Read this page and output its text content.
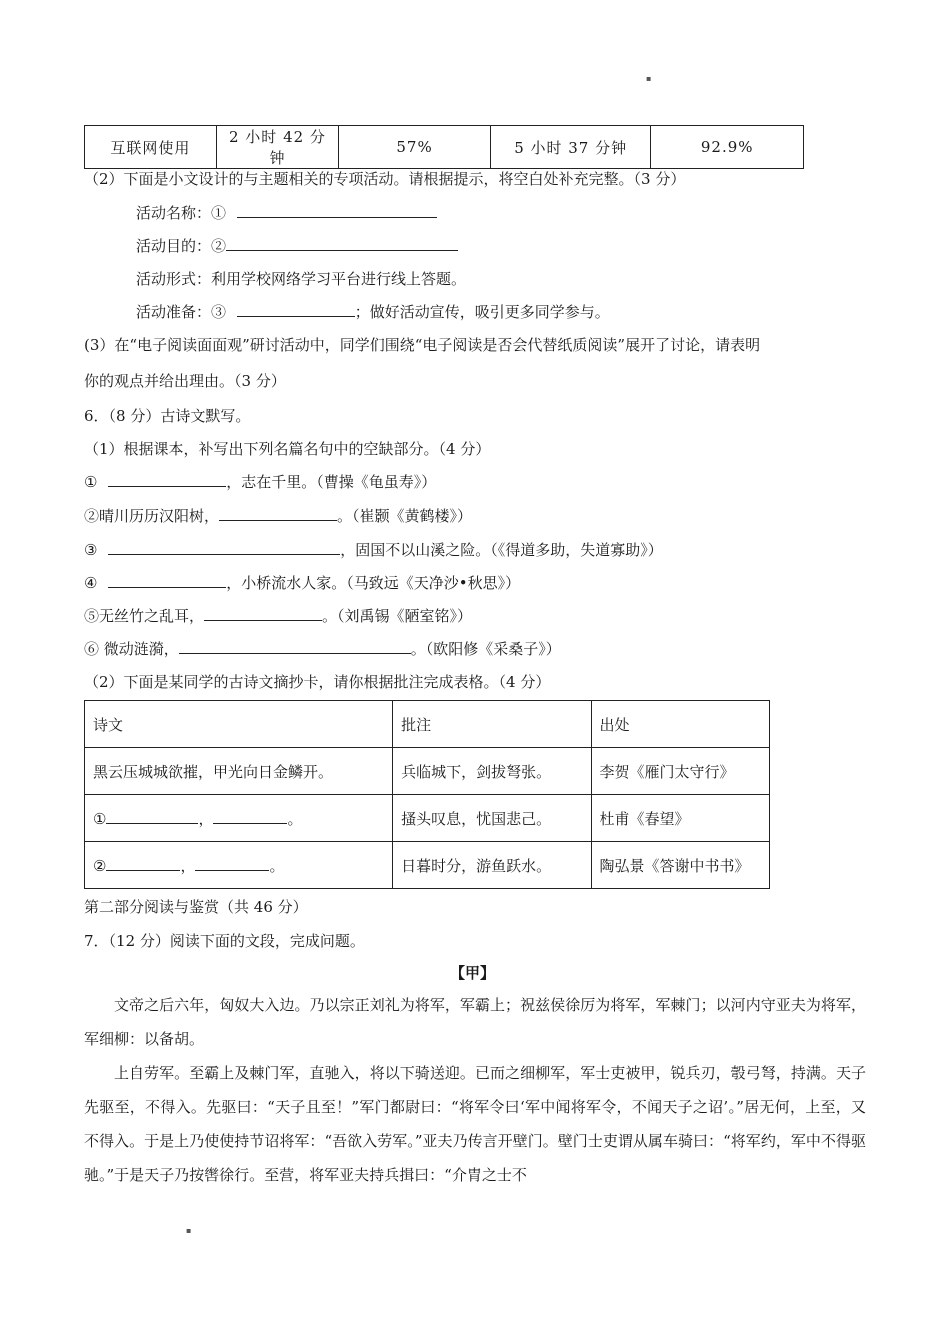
▪
互联网使用	2 小时 42 分钟	57%	5 小时 37 分钟	92.9%
（2）下面是小文设计的与主题相关的专项活动。请根据提示，将空白处补充完整。（3 分）
活动名称：①
活动目的：②
活动形式：利用学校网络学习平台进行线上答题。
活动准备：③	；做好活动宣传，吸引更多同学参与。
(3）在“电子阅读面面观”研讨活动中，同学们围绕“电子阅读是否会代替纸质阅读”展开了讨论，请表明
你的观点并给出理由。（3 分）
6．（8 分）古诗文默写。
（1）根据课本，补写出下列名篇名句中的空缺部分。（4 分）
①	，志在千里。（曹操《龟虽寿》）
②晴川历历汉阳树，	。（崔颢《黄鹤楼》）
③	，固国不以山溪之险。（《得道多助，失道寡助》）
④	，小桥流水人家。（马致远《天净沙•秋思》）
⑤无丝竹之乱耳，	。（刘禹锡《陋室铭》）
⑥ 微动涟漪，	。（欧阳修《采桑子》）
（2）下面是某同学的古诗文摘抄卡，请你根据批注完成表格。（4 分）
诗文	批注	出处
黑云压城城欲摧，甲光向日金鳞开。	兵临城下，剑拔弩张。	李贺《雁门太守行》
① ， 。	搔头叹息，忧国悲己。	杜甫《春望》
② ， 。	日暮时分，游鱼跃水。	陶弘景《答谢中书书》
第二部分阅读与鉴赏（共 46 分）
7．（12 分）阅读下面的文段，完成问题。
【甲】
文帝之后六年，匈奴大入边。乃以宗正刘礼为将军，军霸上；祝兹侯徐厉为将军，军棘门；以河内守亚夫为将军，军细柳：以备胡。
上自劳军。至霸上及棘门军，直驰入，将以下骑送迎。已而之细柳军，军士吏被甲，锐兵刃，彀弓弩，持满。天子先驱至，不得入。先驱曰：“天子且至！”军门都尉曰：“将军令曰‘军中闻将军令，不闻天子之诏’。”居无何，上至，又不得入。于是上乃使使持节诏将军：“吾欲入劳军。”亚夫乃传言开壁门。壁门士吏谓从属车骑曰：“将军约，军中不得驱驰。”于是天子乃按辔徐行。至营，将军亚夫持兵揖曰：“介胄之士不
▪
